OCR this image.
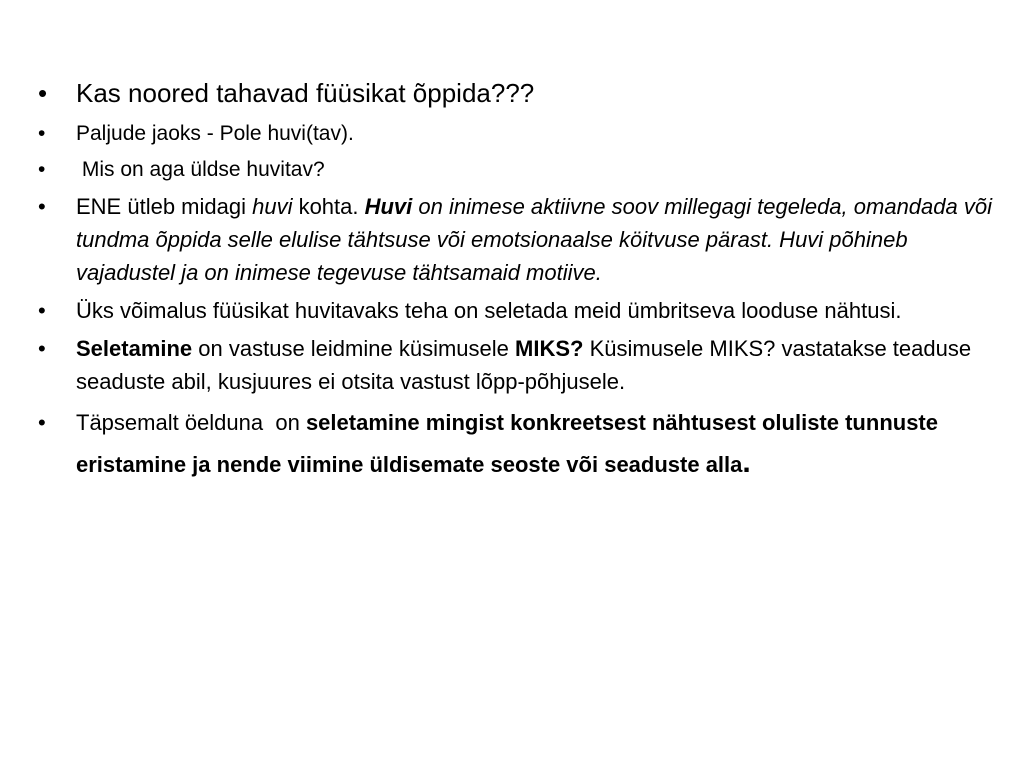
•	Kas noored tahavad füüsikat õppida???
•	Paljude jaoks - Pole huvi(tav).
•	Mis on aga üldse huvitav?
•	ENE ütleb midagi huvi kohta. Huvi on inimese aktiivne soov millegagi tegeleda, omandada või tundma õppida selle elulise tähtsuse või emotsionaalse köitvuse pärast. Huvi põhineb vajadustel ja on inimese tegevuse tähtsamaid motiive.
•	Üks võimalus füüsikat huvitavaks teha on seletada meid ümbritseva looduse nähtusi.
•	Seletamine on vastuse leidmine küsimusele MIKS? Küsimusele MIKS? vastatakse teaduse seaduste abil, kusjuures ei otsita vastust lõpp-põhjusele.
•	Täpsemalt öelduna  on seletamine mingist konkreetsest nähtusest oluliste tunnuste eristamine ja nende viimine üldisemate seoste või seaduste alla.
